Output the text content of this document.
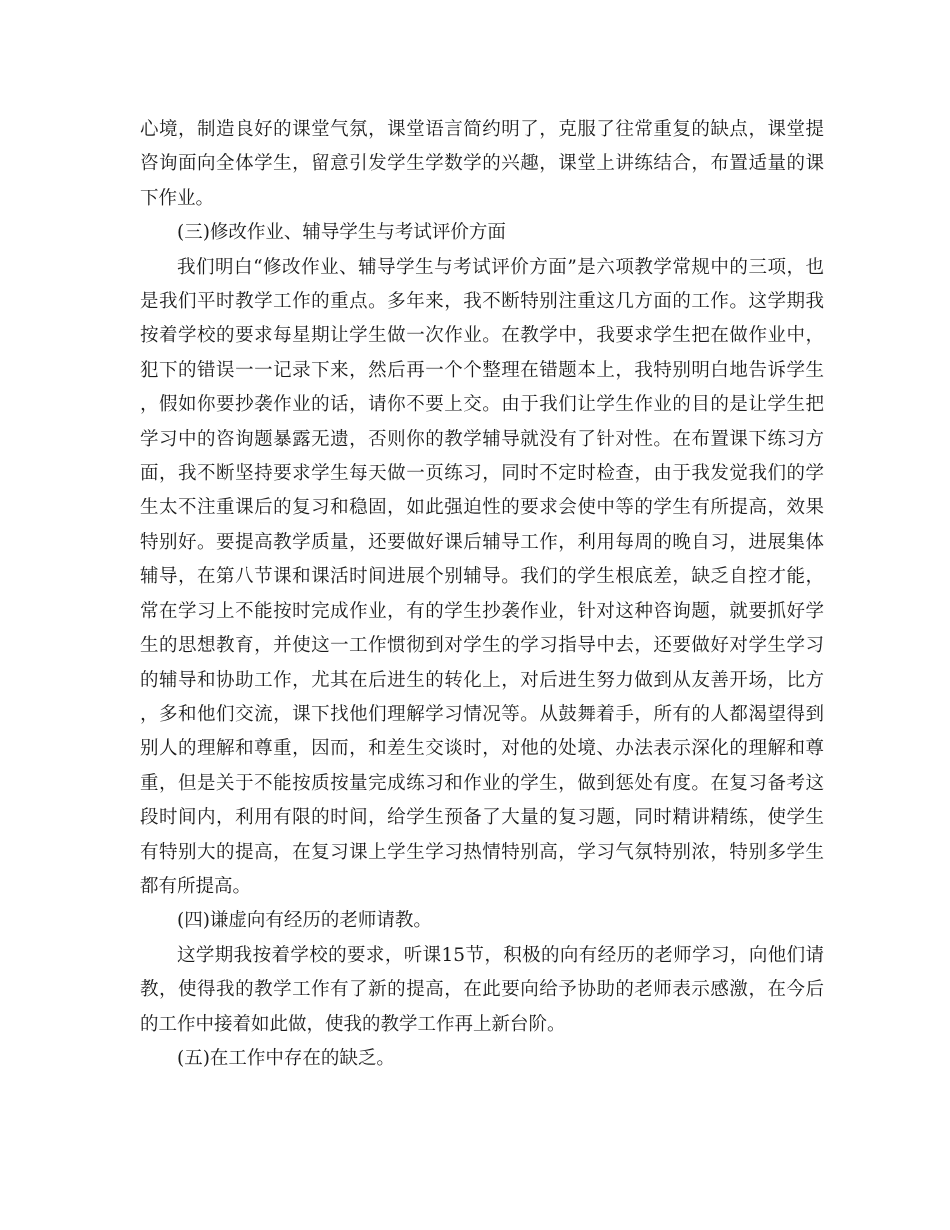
心境，制造良好的课堂气氛，课堂语言简约明了，克服了往常重复的缺点，课堂提咨询面向全体学生，留意引发学生学数学的兴趣，课堂上讲练结合，布置适量的课下作业。

(三)修改作业、辅导学生与考试评价方面

我们明白“修改作业、辅导学生与考试评价方面”是六项教学常规中的三项，也是我们平时教学工作的重点。多年来，我不断特别注重这几方面的工作。这学期我按着学校的要求每星期让学生做一次作业。在教学中，我要求学生把在做作业中，犯下的错误一一记录下来，然后再一个个整理在错题本上，我特别明白地告诉学生，假如你要抄袭作业的话，请你不要上交。由于我们让学生作业的目的是让学生把学习中的咨询题暴露无遗，否则你的教学辅导就没有了针对性。在布置课下练习方面，我不断坚持要求学生每天做一页练习，同时不定时检查，由于我发觉我们的学生太不注重课后的复习和稳固，如此强迫性的要求会使中等的学生有所提高，效果特别好。要提高教学质量，还要做好课后辅导工作，利用每周的晚自习，进展集体辅导，在第八节课和课活时间进展个别辅导。我们的学生根底差，缺乏自控才能，常在学习上不能按时完成作业，有的学生抄袭作业，针对这种咨询题，就要抓好学生的思想教育，并使这一工作惯彻到对学生的学习指导中去，还要做好对学生学习的辅导和协助工作，尤其在后进生的转化上，对后进生努力做到从友善开场，比方，多和他们交流，课下找他们理解学习情况等。从鼓舞着手，所有的人都渴望得到别人的理解和尊重，因而，和差生交谈时，对他的处境、办法表示深化的理解和尊重，但是关于不能按质按量完成练习和作业的学生，做到惩处有度。在复习备考这段时间内，利用有限的时间，给学生预备了大量的复习题，同时精讲精练，使学生有特别大的提高，在复习课上学生学习热情特别高，学习气氛特别浓，特别多学生都有所提高。

(四)谦虚向有经历的老师请教。

这学期我按着学校的要求，听课15节，积极的向有经历的老师学习，向他们请教，使得我的教学工作有了新的提高，在此要向给予协助的老师表示感激，在今后的工作中接着如此做，使我的教学工作再上新台阶。

(五)在工作中存在的缺乏。
